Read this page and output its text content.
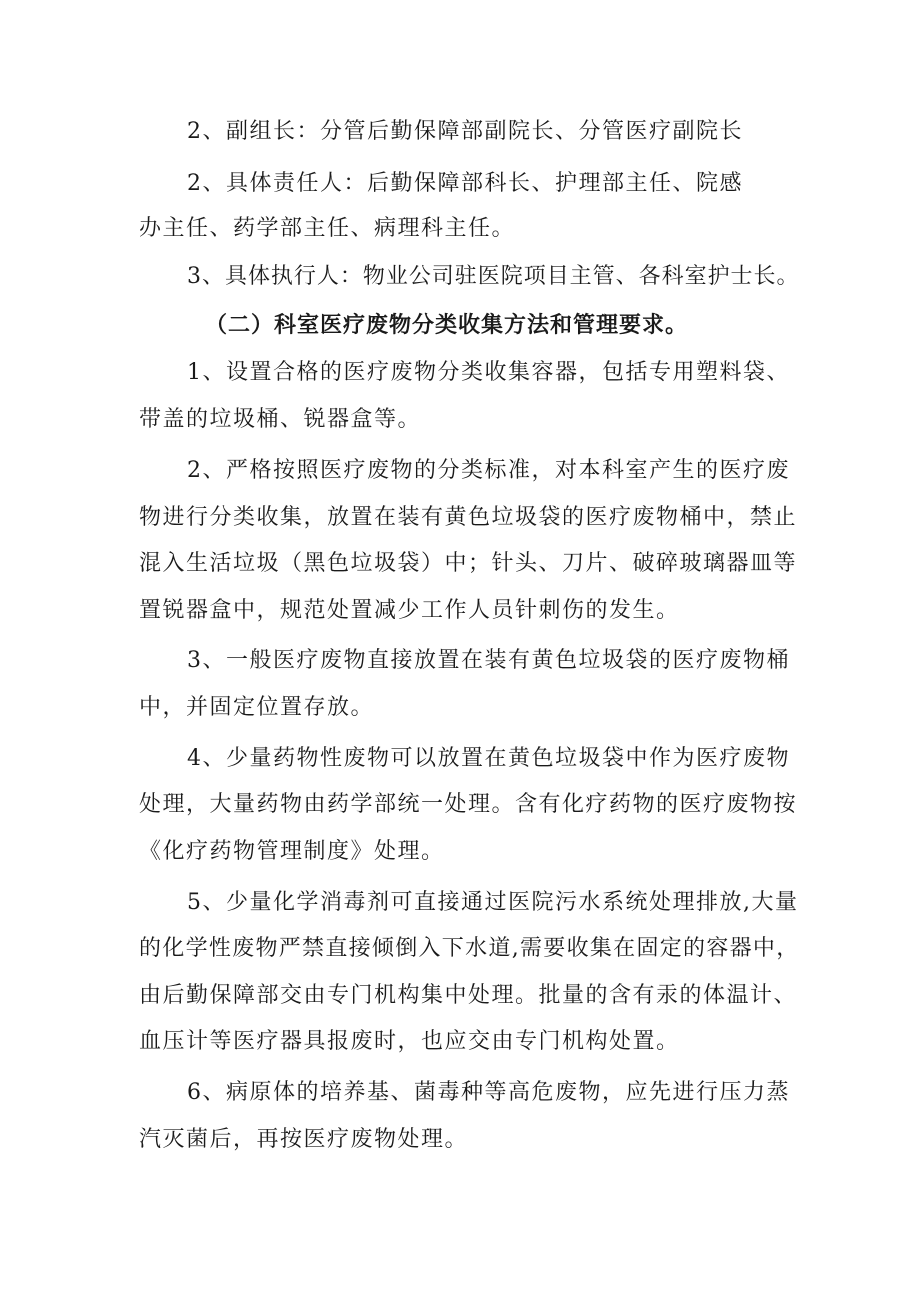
2、副组长：分管后勤保障部副院长、分管医疗副院长
2、具体责任人：后勤保障部科长、护理部主任、院感
办主任、药学部主任、病理科主任。
3、具体执行人：物业公司驻医院项目主管、各科室护士长。
（二）科室医疗废物分类收集方法和管理要求。
1、设置合格的医疗废物分类收集容器，包括专用塑料袋、
带盖的垃圾桶、锐器盒等。
2、严格按照医疗废物的分类标准，对本科室产生的医疗废
物进行分类收集，放置在装有黄色垃圾袋的医疗废物桶中，禁止
混入生活垃圾（黑色垃圾袋）中；针头、刀片、破碎玻璃器皿等
置锐器盒中，规范处置减少工作人员针刺伤的发生。
3、一般医疗废物直接放置在装有黄色垃圾袋的医疗废物桶
中，并固定位置存放。
4、少量药物性废物可以放置在黄色垃圾袋中作为医疗废物
处理，大量药物由药学部统一处理。含有化疗药物的医疗废物按
《化疗药物管理制度》处理。
5、少量化学消毒剂可直接通过医院污水系统处理排放,大量
的化学性废物严禁直接倾倒入下水道,需要收集在固定的容器中，
由后勤保障部交由专门机构集中处理。批量的含有汞的体温计、
血压计等医疗器具报废时，也应交由专门机构处置。
6、病原体的培养基、菌毒种等高危废物，应先进行压力蒸
汽灭菌后，再按医疗废物处理。
